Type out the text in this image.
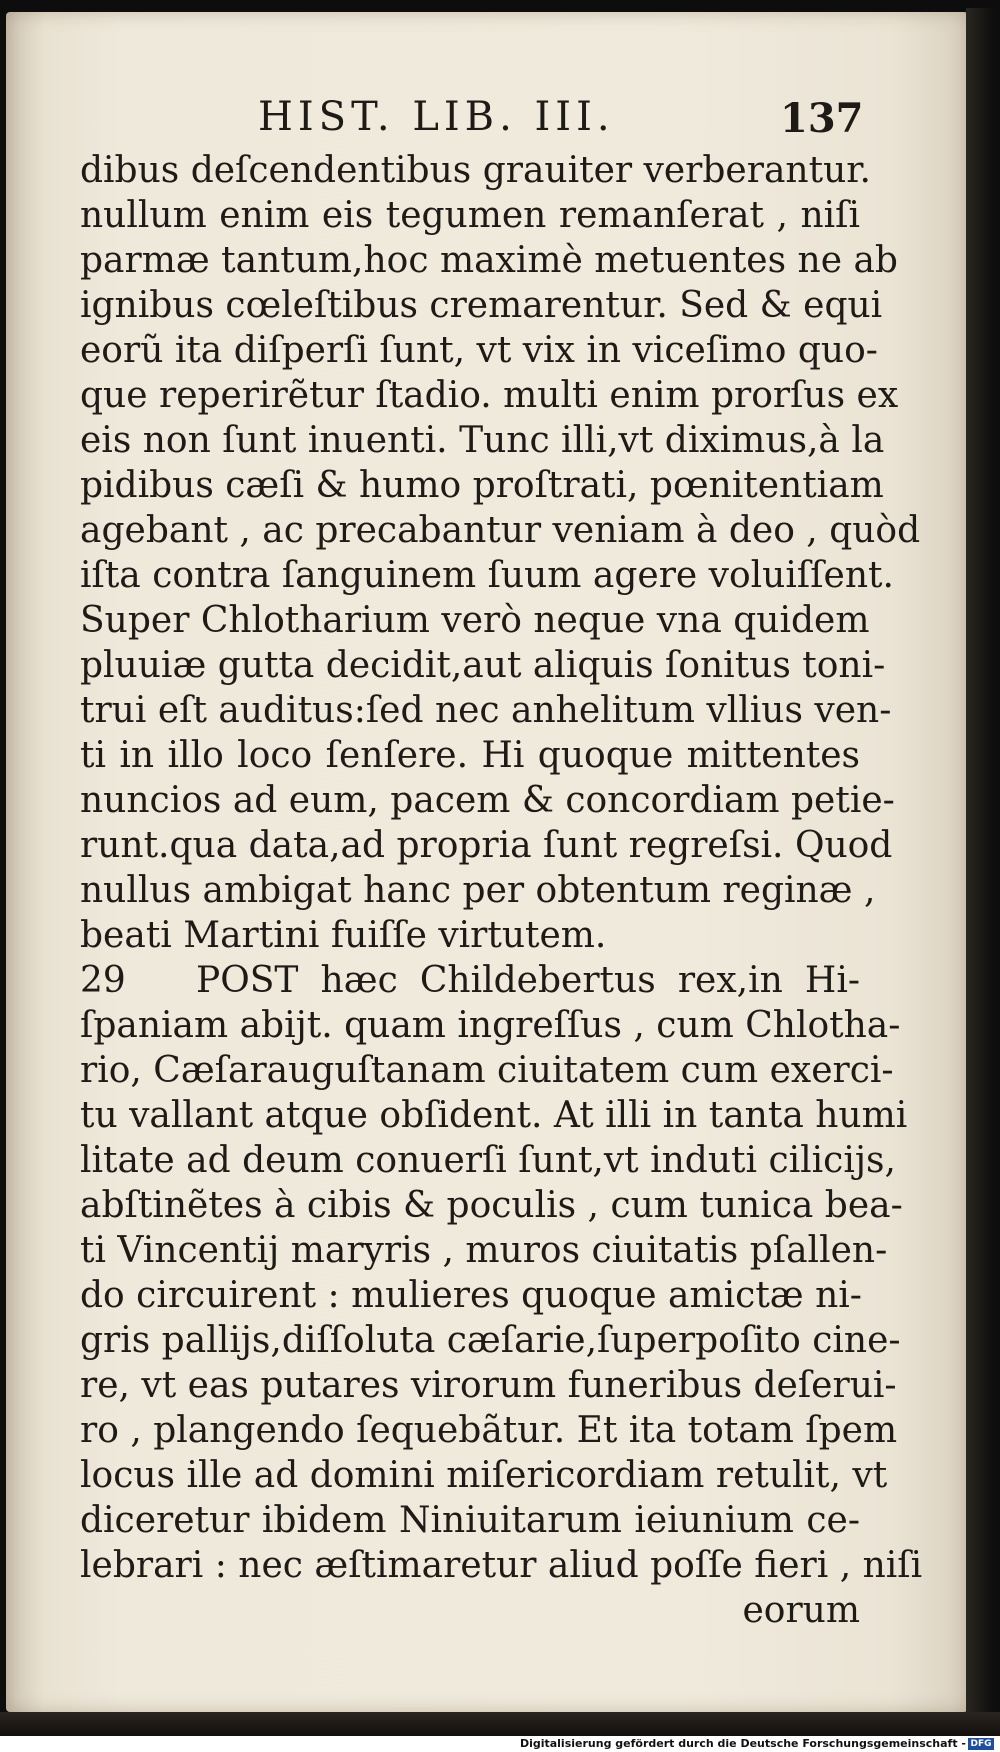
HIST. LIB. III.	137
dibus deſcendentibus grauiter verberantur.
nullum enim eis tegumen remanſerat , niſi
parmæ tantum,hoc maximè metuentes ne ab
ignibus cœleſtibus cremarentur. Sed & equi
eorũ ita diſperſi ſunt, vt vix in viceſimo quo-
que reperirẽtur ſtadio. multi enim prorſus ex
eis non ſunt inuenti. Tunc illi,vt diximus,à la
pidibus cæſi & humo proſtrati, pœnitentiam
agebant , ac precabantur veniam à deo , quòd
iſta contra ſanguinem ſuum agere voluiſſent.
Super Chlotharium verò neque vna quidem
pluuiæ gutta decidit,aut aliquis ſonitus toni-
trui eſt auditus:ſed nec anhelitum vllius ven-
ti in illo loco ſenſere. Hi quoque mittentes
nuncios ad eum, pacem & concordiam petie-
runt.qua data,ad propria ſunt regreſsi. Quod
nullus ambigat hanc per obtentum reginæ ,
beati Martini fuiſſe virtutem.
29 POST hæc Childebertus rex,in Hi-
ſpaniam abijt. quam ingreſſus , cum Chlotha-
rio, Cæſarauguſtanam ciuitatem cum exerci-
tu vallant atque obſident. At illi in tanta humi
litate ad deum conuerſi ſunt,vt induti cilicijs,
abſtinẽtes à cibis & poculis , cum tunica bea-
ti Vincentij maryris , muros ciuitatis pſallen-
do circuirent : mulieres quoque amictæ ni-
gris pallijs,diſſoluta cæſarie,ſuperpoſito cine-
re, vt eas putares virorum funeribus deſerui-
ro , plangendo ſequebãtur. Et ita totam ſpem
locus ille ad domini miſericordiam retulit, vt
diceretur ibidem Niniuitarum ieiunium ce-
lebrari : nec æſtimaretur aliud poſſe fieri , niſi
eorum
Digitalisierung gefördert durch die Deutsche Forschungsgemeinschaft - DFG
